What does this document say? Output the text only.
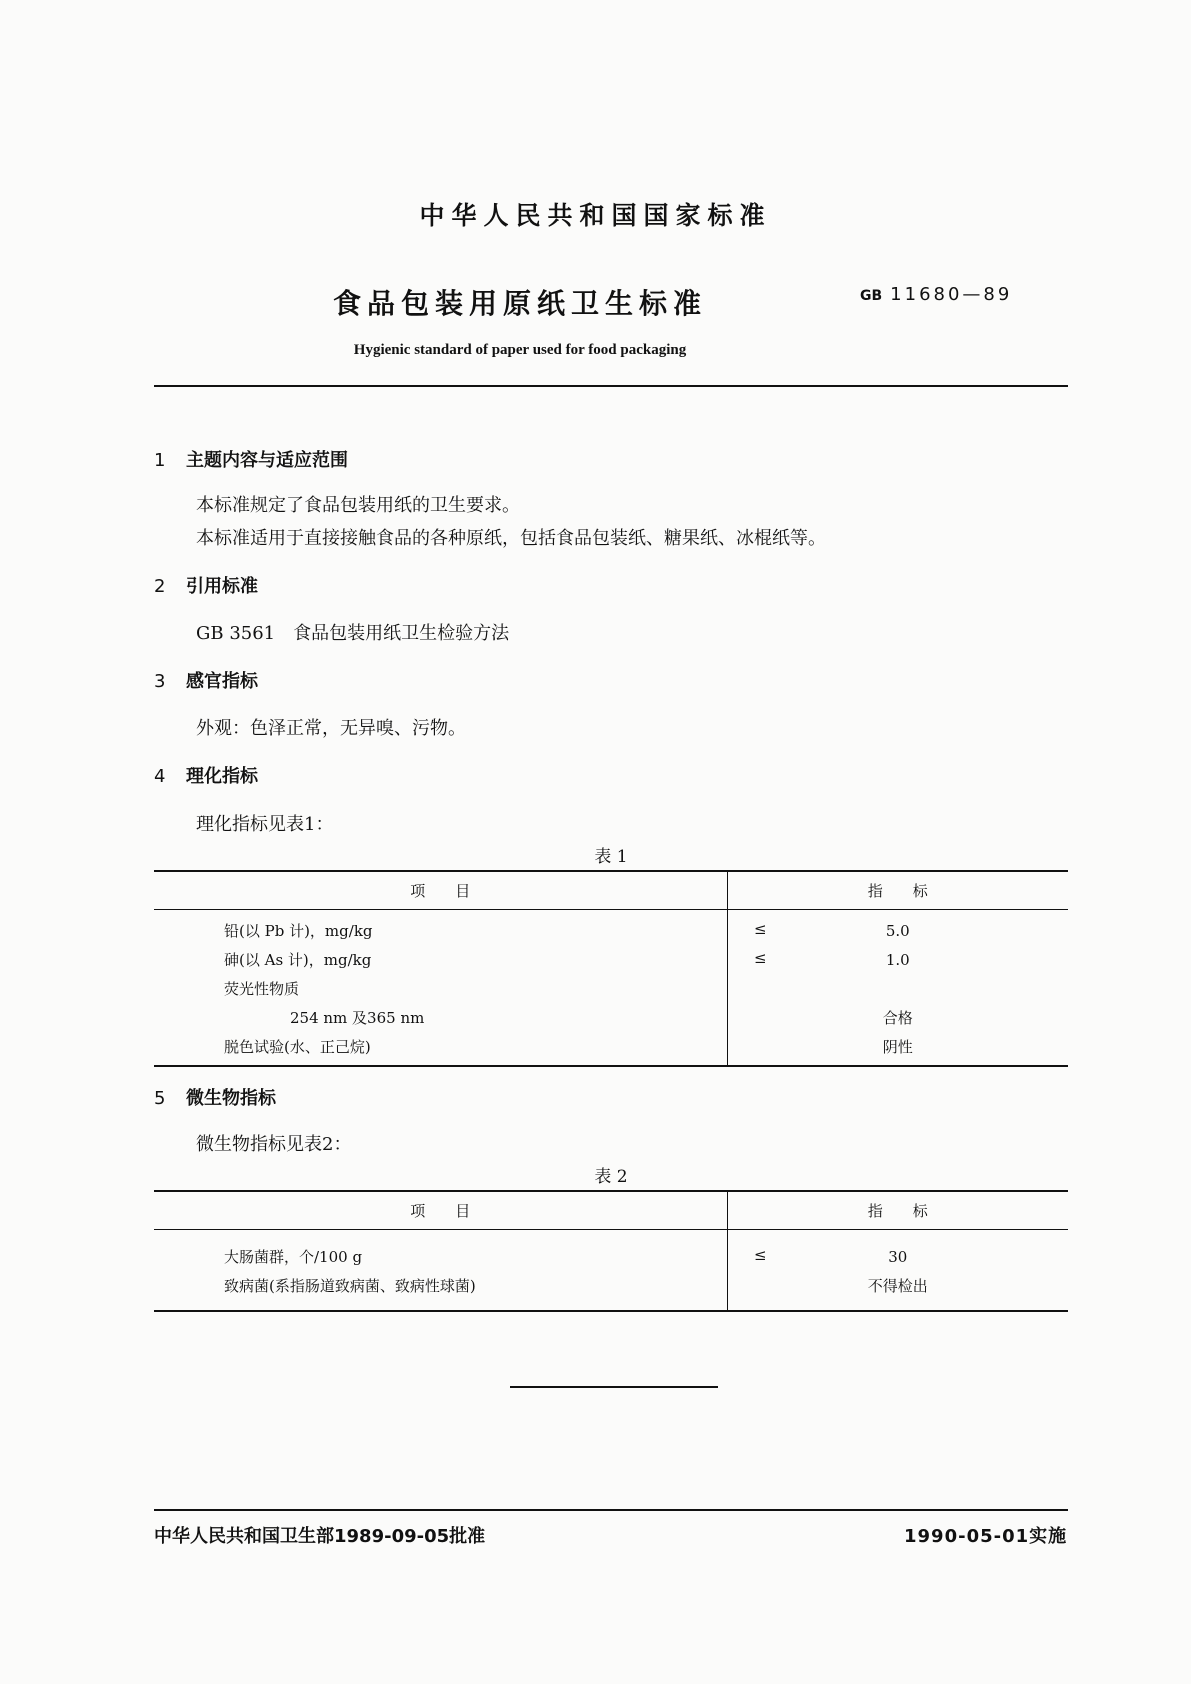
中华人民共和国国家标准
食品包装用原纸卫生标准	GB 11680—89
Hygienic standard of paper used for food packaging
1 主题内容与适应范围
本标准规定了食品包装用纸的卫生要求。
本标准适用于直接接触食品的各种原纸，包括食品包装纸、糖果纸、冰棍纸等。
2 引用标准
GB 3561　食品包装用纸卫生检验方法
3 感官指标
外观：色泽正常，无异嗅、污物。
4 理化指标
理化指标见表1：
表 1
项　　目	指　　标
铅(以 Pb 计)，mg/kg ≤	5.0
砷(以 As 计)，mg/kg ≤	1.0
荧光性物质	
254 nm 及365 nm	合格
脱色试验(水、正己烷)	阴性
5 微生物指标
微生物指标见表2：
表 2
项　　目	指　　标
大肠菌群，个/100 g ≤	30
致病菌(系指肠道致病菌、致病性球菌)	不得检出
中华人民共和国卫生部1989-09-05批准	1990-05-01实施
